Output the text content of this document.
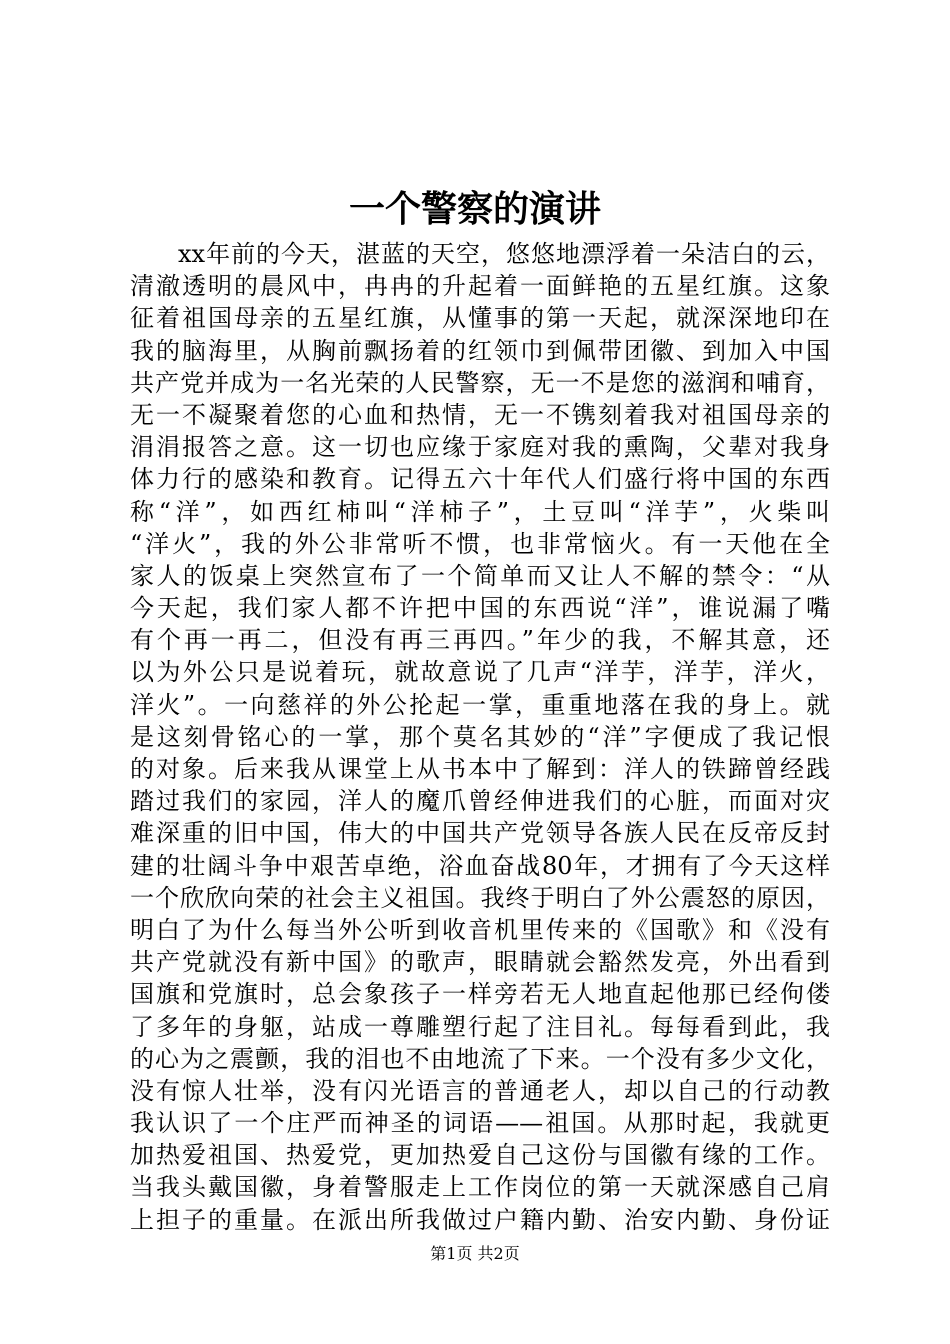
一个警察的演讲
xx年前的今天，湛蓝的天空，悠悠地漂浮着一朵洁白的云，
清澈透明的晨风中，冉冉的升起着一面鲜艳的五星红旗。这象
征着祖国母亲的五星红旗，从懂事的第一天起，就深深地印在
我的脑海里，从胸前飘扬着的红领巾到佩带团徽、到加入中国
共产党并成为一名光荣的人民警察，无一不是您的滋润和哺育，
无一不凝聚着您的心血和热情，无一不镌刻着我对祖国母亲的
涓涓报答之意。这一切也应缘于家庭对我的熏陶，父辈对我身
体力行的感染和教育。记得五六十年代人们盛行将中国的东西
称“洋”，如西红柿叫“洋柿子”，土豆叫“洋芋”，火柴叫
“洋火”，我的外公非常听不惯，也非常恼火。有一天他在全
家人的饭桌上突然宣布了一个简单而又让人不解的禁令：“从
今天起，我们家人都不许把中国的东西说“洋”，谁说漏了嘴
有个再一再二，但没有再三再四。”年少的我，不解其意，还
以为外公只是说着玩，就故意说了几声“洋芋，洋芋，洋火，
洋火”。一向慈祥的外公抡起一掌，重重地落在我的身上。就
是这刻骨铭心的一掌，那个莫名其妙的“洋”字便成了我记恨
的对象。后来我从课堂上从书本中了解到：洋人的铁蹄曾经践
踏过我们的家园，洋人的魔爪曾经伸进我们的心脏，而面对灾
难深重的旧中国，伟大的中国共产党领导各族人民在反帝反封
建的壮阔斗争中艰苦卓绝，浴血奋战80年，才拥有了今天这样
一个欣欣向荣的社会主义祖国。我终于明白了外公震怒的原因，
明白了为什么每当外公听到收音机里传来的《国歌》和《没有
共产党就没有新中国》的歌声，眼睛就会豁然发亮，外出看到
国旗和党旗时，总会象孩子一样旁若无人地直起他那已经佝偻
了多年的身躯，站成一尊雕塑行起了注目礼。每每看到此，我
的心为之震颤，我的泪也不由地流了下来。一个没有多少文化，
没有惊人壮举，没有闪光语言的普通老人，却以自己的行动教
我认识了一个庄严而神圣的词语——祖国。从那时起，我就更
加热爱祖国、热爱党，更加热爱自己这份与国徽有缘的工作。
当我头戴国徽，身着警服走上工作岗位的第一天就深感自己肩
上担子的重量。在派出所我做过户籍内勤、治安内勤、身份证
第1页 共2页
